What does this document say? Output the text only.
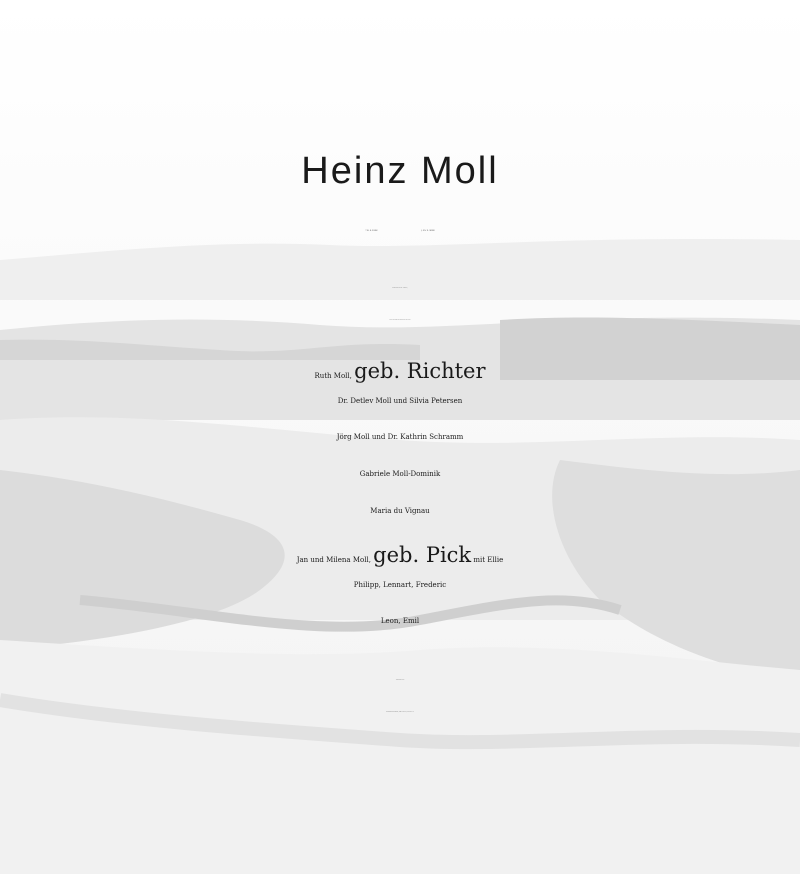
Heinz Moll
* 8. 4. 1926	† 19. 2. 2018
Schmerzlich ist der Abschied,
doch dich erlöst zu wissen gibt uns Trost.
Ruth Moll, geb. Richter
Dr. Detlev Moll und Silvia Petersen
Jörg Moll und Dr. Kathrin Schramm
Gabriele Moll-Dominik
Maria du Vignau
Jan und Milena Moll, geb. Pick mit Ellie
Philipp, Lennart, Frederic
Leon, Emil
Trauerhaus Moll
Bestattungen Wißmann, 33689 Bielefeld, Netzeweg 40
